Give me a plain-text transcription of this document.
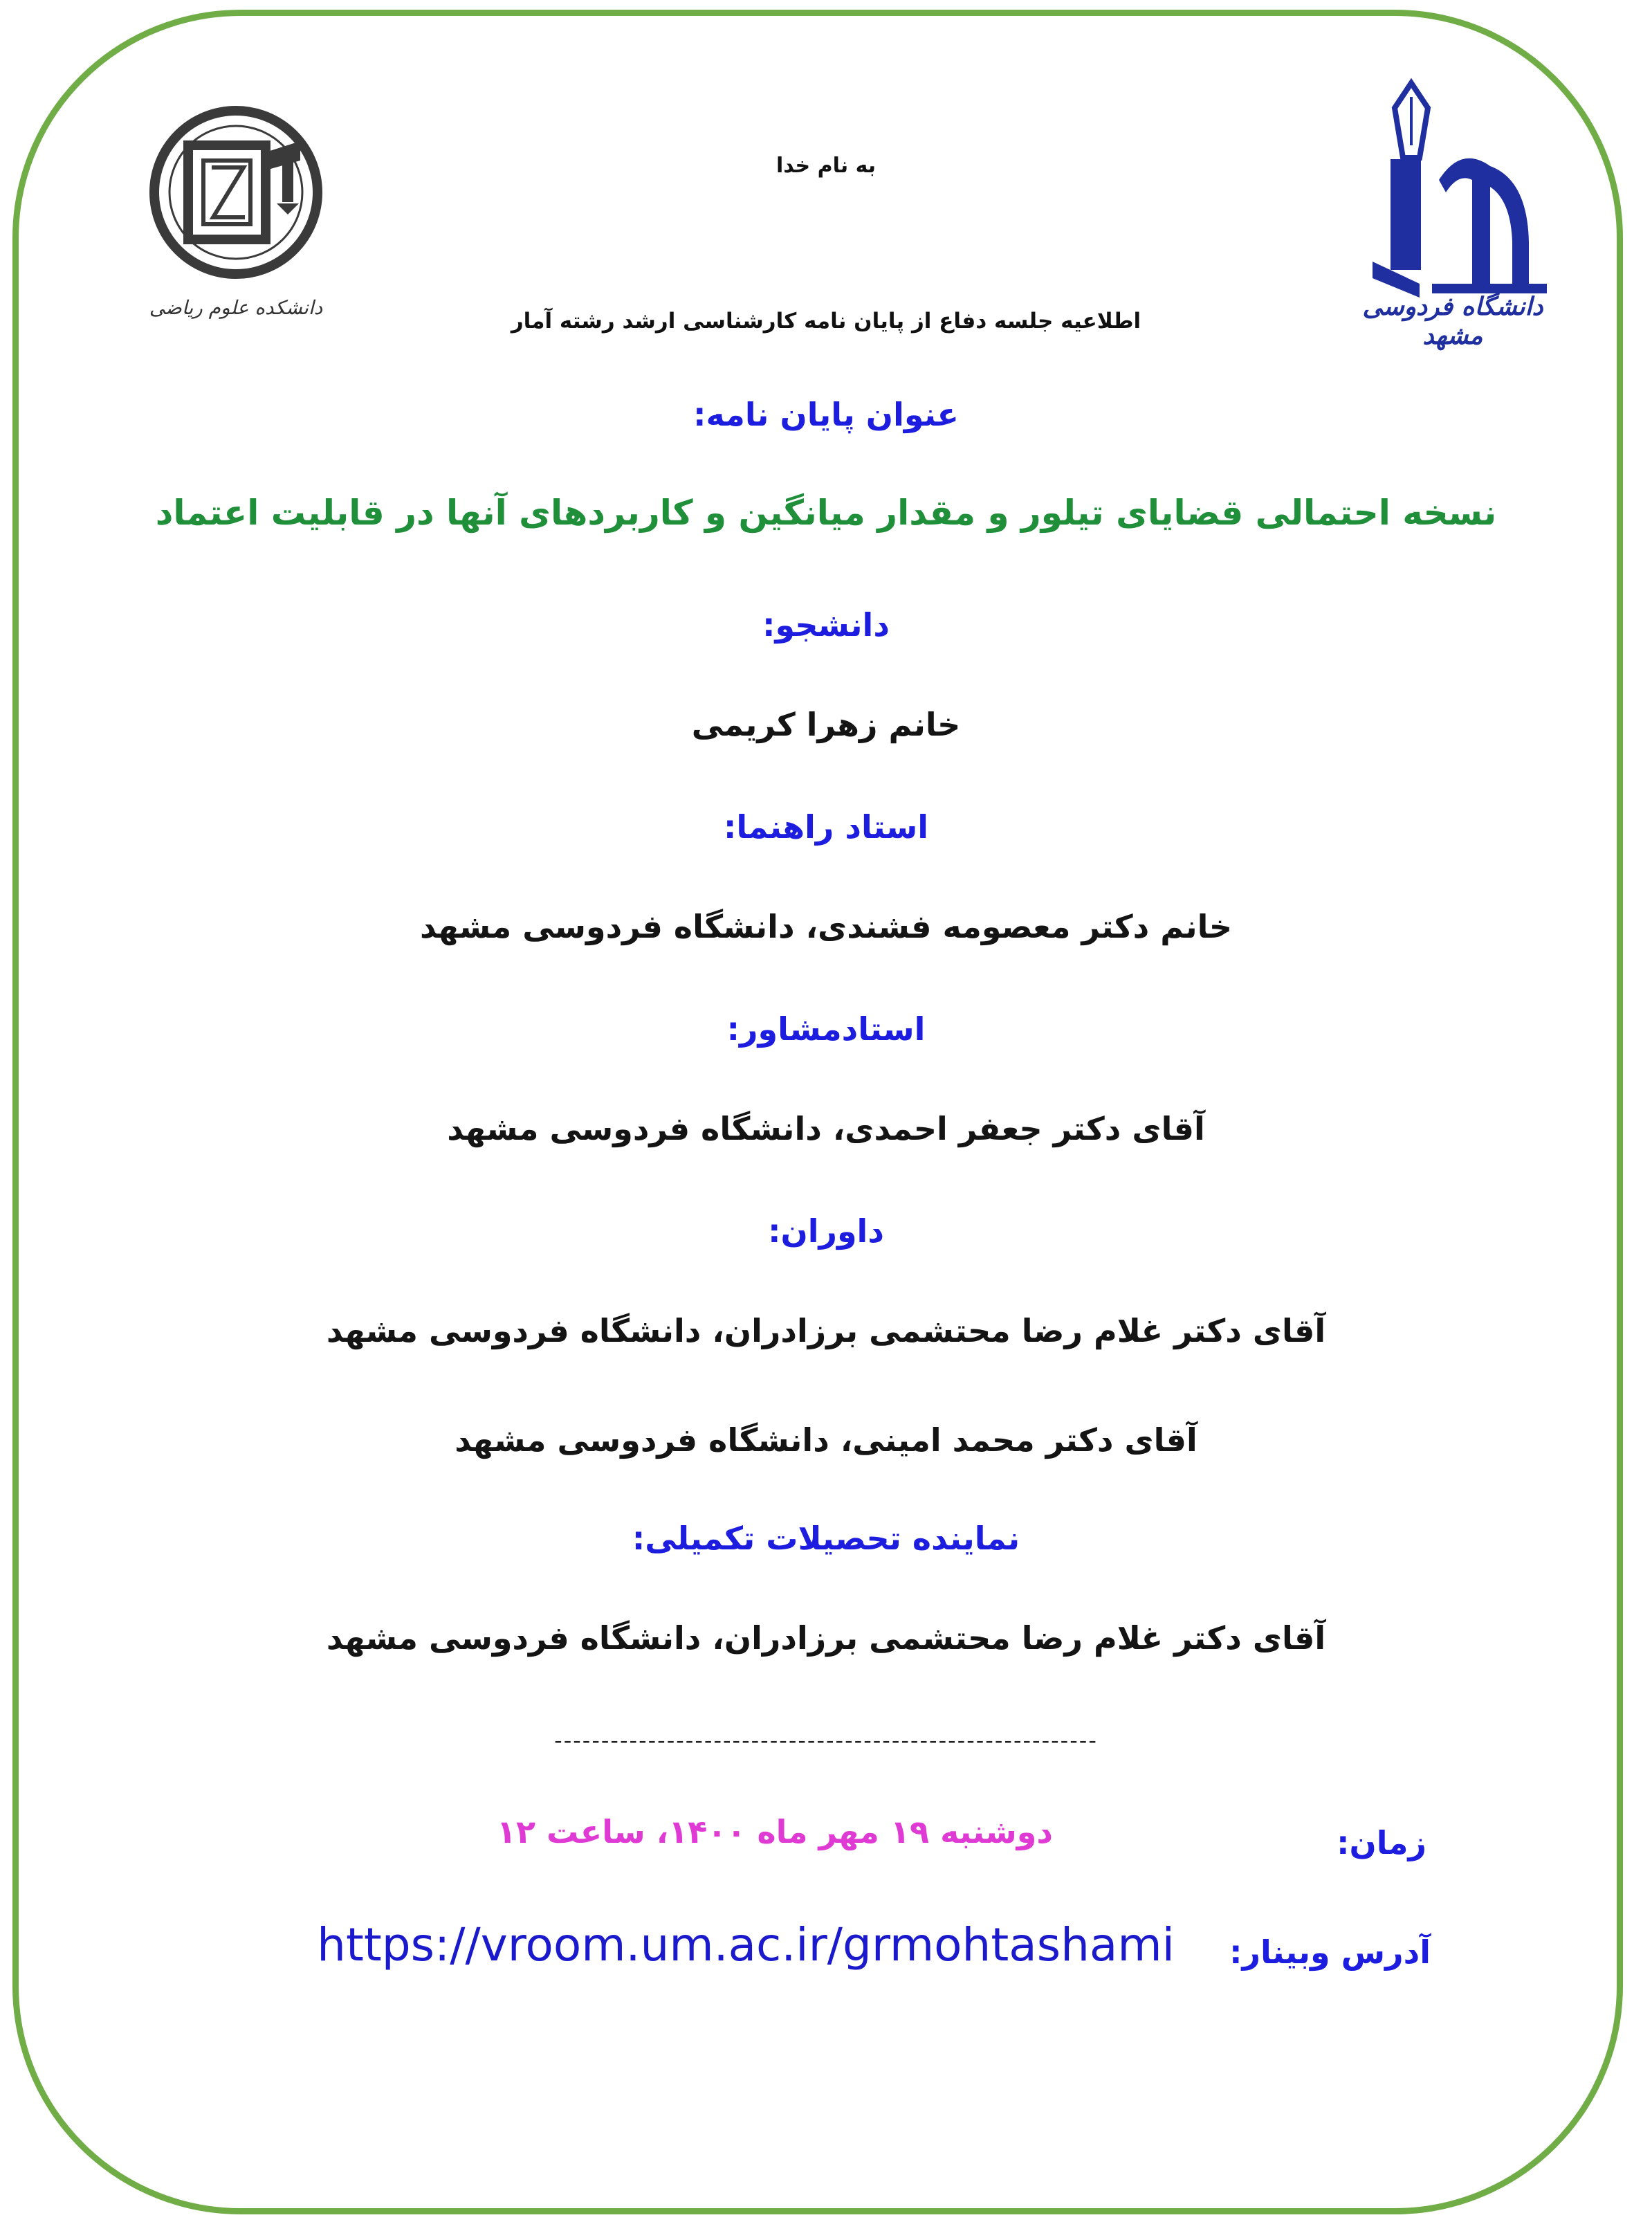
دانشکده علوم ریاضی	دانشگاه فردوسی مشهد
به نام خدا
اطلاعیه جلسه دفاع از پایان نامه کارشناسی ارشد رشته آمار
عنوان پایان نامه:
نسخه احتمالی قضایای تیلور و مقدار میانگین و کاربردهای آنها در قابلیت اعتماد
دانشجو:
خانم زهرا کریمی
استاد راهنما:
خانم دکتر معصومه فشندی، دانشگاه فردوسی مشهد
استادمشاور:
آقای دکتر جعفر احمدی، دانشگاه فردوسی مشهد
داوران:
آقای دکتر غلام رضا محتشمی برزادران، دانشگاه فردوسی مشهد
آقای دکتر محمد امینی، دانشگاه فردوسی مشهد
نماینده تحصیلات تکمیلی:
آقای دکتر غلام رضا محتشمی برزادران، دانشگاه فردوسی مشهد
----------------------------------------------------------
زمان:
دوشنبه ۱۹ مهر ماه ۱۴۰۰، ساعت ۱۲
آدرس وبینار:
https://vroom.um.ac.ir/grmohtashami
